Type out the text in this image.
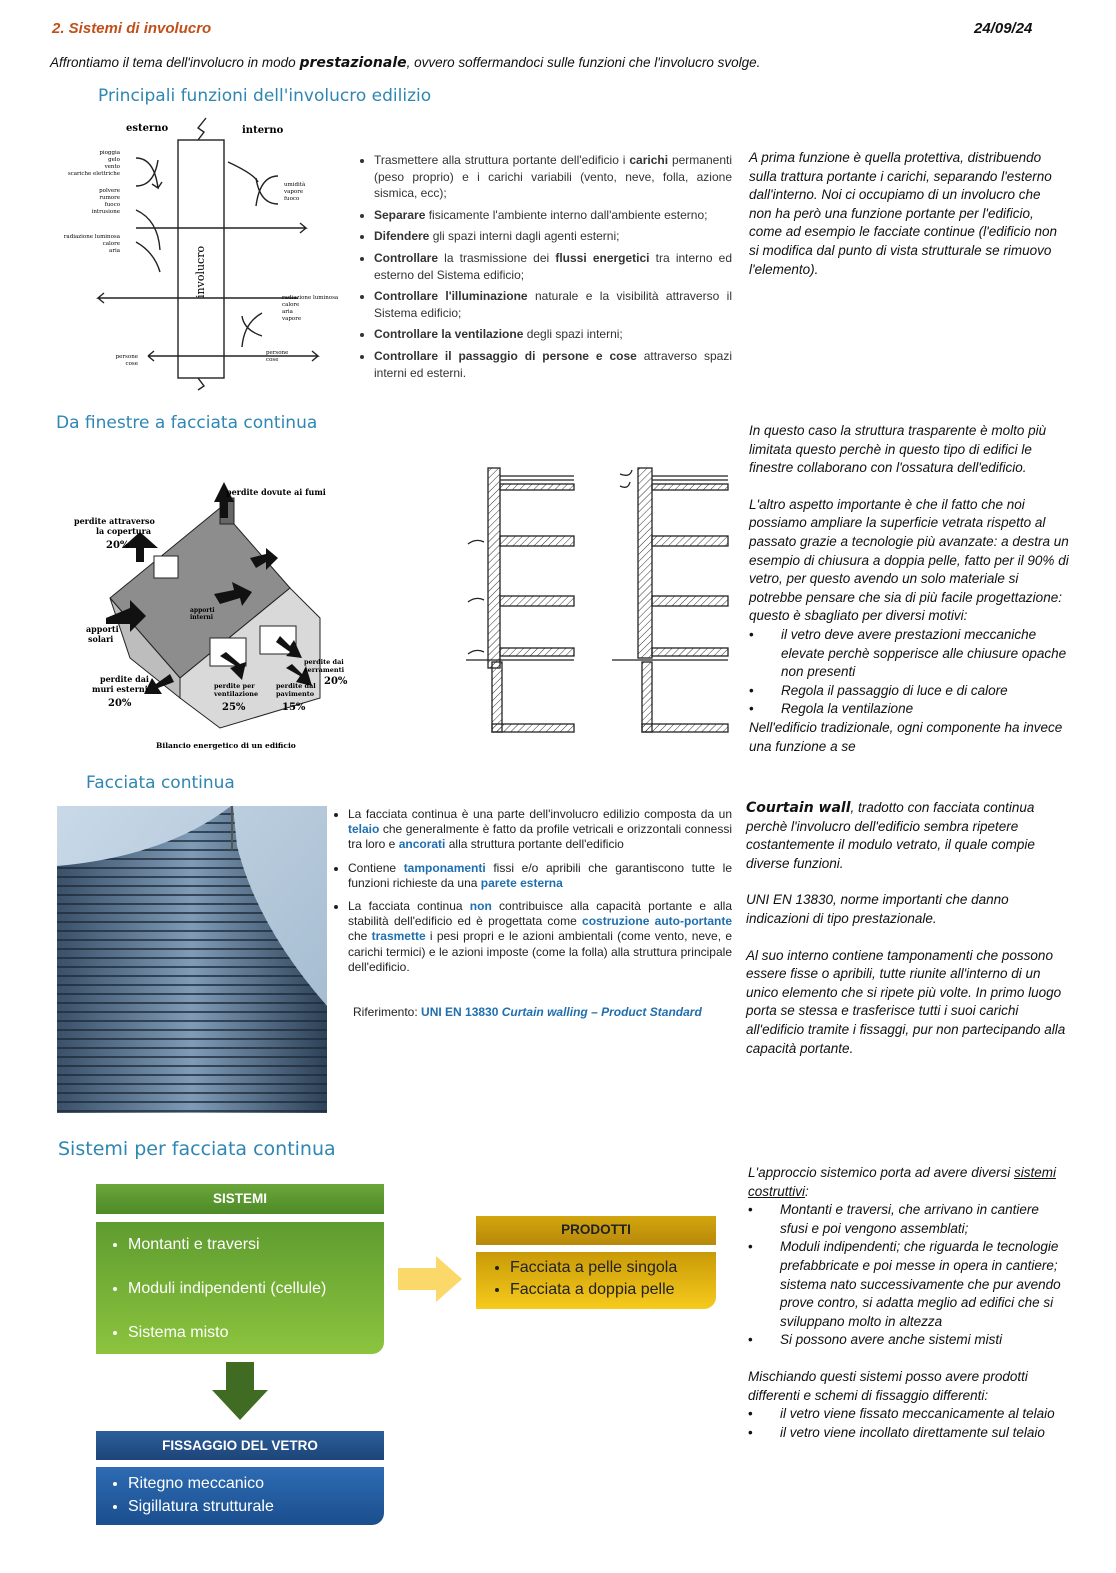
2. Sistemi di involucro	24/09/24
Affrontiamo il tema dell'involucro in modo prestazionale, ovvero soffermandoci sulle funzioni che l'involucro svolge.
Principali funzioni dell'involucro edilizio
esterno	interno
involucro
pioggia
gelo
vento
scariche elettriche
polvere
rumore
fuoco
intrusione
radiazione luminosa
calore
aria
persone
cose
umidità
vapore
fuoco
radiazione luminosa
calore
aria
vapore
persone
cose
• Trasmettere alla struttura portante dell'edificio i carichi permanenti (peso proprio) e i carichi variabili (vento, neve, folla, azione sismica, ecc);
• Separare fisicamente l'ambiente interno dall'ambiente esterno;
• Difendere gli spazi interni dagli agenti esterni;
• Controllare la trasmissione dei flussi energetici tra interno ed esterno del Sistema edificio;
• Controllare l'illuminazione naturale e la visibilità attraverso il Sistema edificio;
• Controllare la ventilazione degli spazi interni;
• Controllare il passaggio di persone e cose attraverso spazi interni ed esterni.
A prima funzione è quella protettiva, distribuendo sulla trattura portante i carichi, separando l'esterno dall'interno. Noi ci occupiamo di un involucro che non ha però una funzione portante per l'edificio, come ad esempio le facciate continue (l'edificio non si modifica dal punto di vista strutturale se rimuovo l'elemento).
Da finestre a facciata continua
perdite dovute ai fumi
perdite attraverso
la copertura
20%
apporti
solari
apporti
interni
perdite dai
muri esterni
20%
perdite per
ventilazione
25%
perdite dal
pavimento
15%
perdite dai
serramenti
20%
Bilancio energetico di un edificio

In questo caso la struttura trasparente è molto più limitata questo perchè in questo tipo di edifici le finestre collaborano con l'ossatura dell'edificio.

L'altro aspetto importante è che il fatto che noi possiamo ampliare la superficie vetrata rispetto al passato grazie a tecnologie più avanzate: a destra un esempio di chiusura a doppia pelle, fatto per il 90% di vetro, per questo avendo un solo materiale si potrebbe pensare che sia di più facile progettazione: questo è sbagliato per diversi motivi:

• il vetro deve avere prestazioni meccaniche elevate perchè sopperisce alle chiusure opache non presenti
• Regola il passaggio di luce e di calore
• Regola la ventilazione
Nell'edificio tradizionale, ogni componente ha invece una funzione a se
Facciata continua
• La facciata continua è una parte dell'involucro edilizio composta da un telaio che generalmente è fatto da profile vetricali e orizzontali connessi tra loro e ancorati alla struttura portante dell'edificio
• Contiene tamponamenti fissi e/o apribili che garantiscono tutte le funzioni richieste da una parete esterna
• La facciata continua non contribuisce alla capacità portante e alla stabilità dell'edificio ed è progettata come costruzione auto-portante che trasmette i pesi propri e le azioni ambientali (come vento, neve, e carichi termici) e le azioni imposte (come la folla) alla struttura principale dell'edificio.
Riferimento: UNI EN 13830 Curtain walling – Product Standard

Courtain wall, tradotto con facciata continua perchè l'involucro dell'edificio sembra ripetere costantemente il modulo vetrato, il quale compie diverse funzioni.

UNI EN 13830, norme importanti che danno indicazioni di tipo prestazionale.

Al suo interno contiene tamponamenti che possono essere fisse o apribili, tutte riunite all'interno di un unico elemento che si ripete più volte. In primo luogo porta se stessa e trasferisce tutti i suoi carichi all'edificio tramite i fissaggi, pur non partecipando alla capacità portante.

Sistemi per facciata continua
SISTEMI
• Montanti e traversi
• Moduli indipendenti (cellule)
• Sistema misto
FISSAGGIO DEL VETRO
• Ritegno meccanico
• Sigillatura strutturale
PRODOTTI
• Facciata a pelle singola
• Facciata a doppia pelle
L'approccio sistemico porta ad avere diversi sistemi costruttivi:
• Montanti e traversi, che arrivano in cantiere sfusi e poi vengono assemblati;
• Moduli indipendenti; che riguarda le tecnologie prefabbricate e poi messe in opera in cantiere; sistema nato successivamente che pur avendo prove contro, si adatta meglio ad edifici che si sviluppano molto in altezza
• Si possono avere anche sistemi misti
Mischiando questi sistemi posso avere prodotti differenti e schemi di fissaggio differenti:
• il vetro viene fissato meccanicamente al telaio
• il vetro viene incollato direttamente sul telaio
